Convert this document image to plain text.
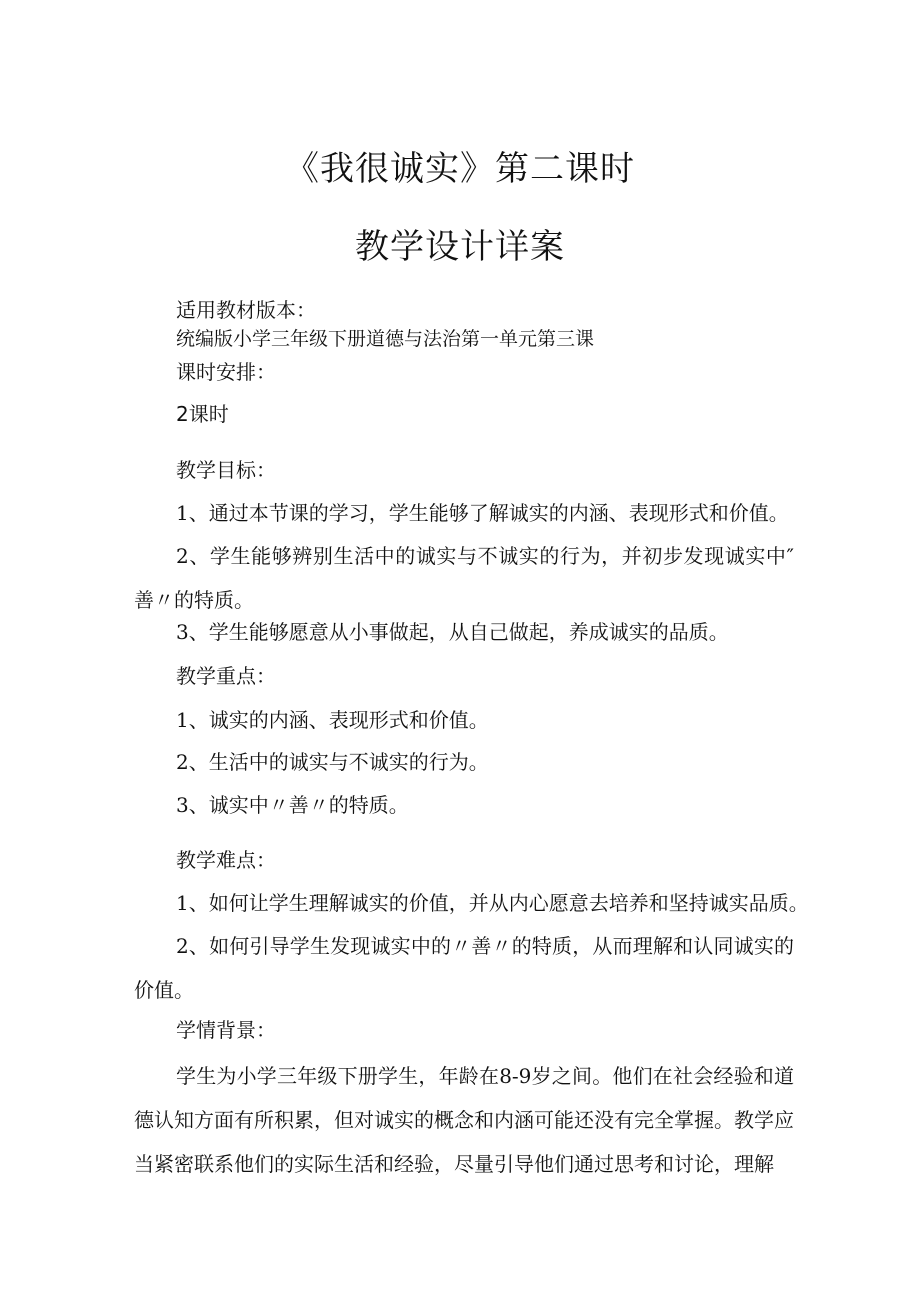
《我很诚实》第二课时
教学设计详案
适用教材版本：
统编版小学三年级下册道德与法治第一单元第三课
课时安排：
2课时
教学目标：
1、通过本节课的学习，学生能够了解诚实的内涵、表现形式和价值。
2、学生能够辨别生活中的诚实与不诚实的行为，并初步发现诚实中″善〃的特质。
3、学生能够愿意从小事做起，从自己做起，养成诚实的品质。
教学重点：
1、诚实的内涵、表现形式和价值。
2、生活中的诚实与不诚实的行为。
3、诚实中〃善〃的特质。
教学难点：
1、如何让学生理解诚实的价值，并从内心愿意去培养和坚持诚实品质。
2、如何引导学生发现诚实中的〃善〃的特质，从而理解和认同诚实的价值。
学情背景：
学生为小学三年级下册学生，年龄在8-9岁之间。他们在社会经验和道德认知方面有所积累，但对诚实的概念和内涵可能还没有完全掌握。教学应当紧密联系他们的实际生活和经验，尽量引导他们通过思考和讨论，理解
